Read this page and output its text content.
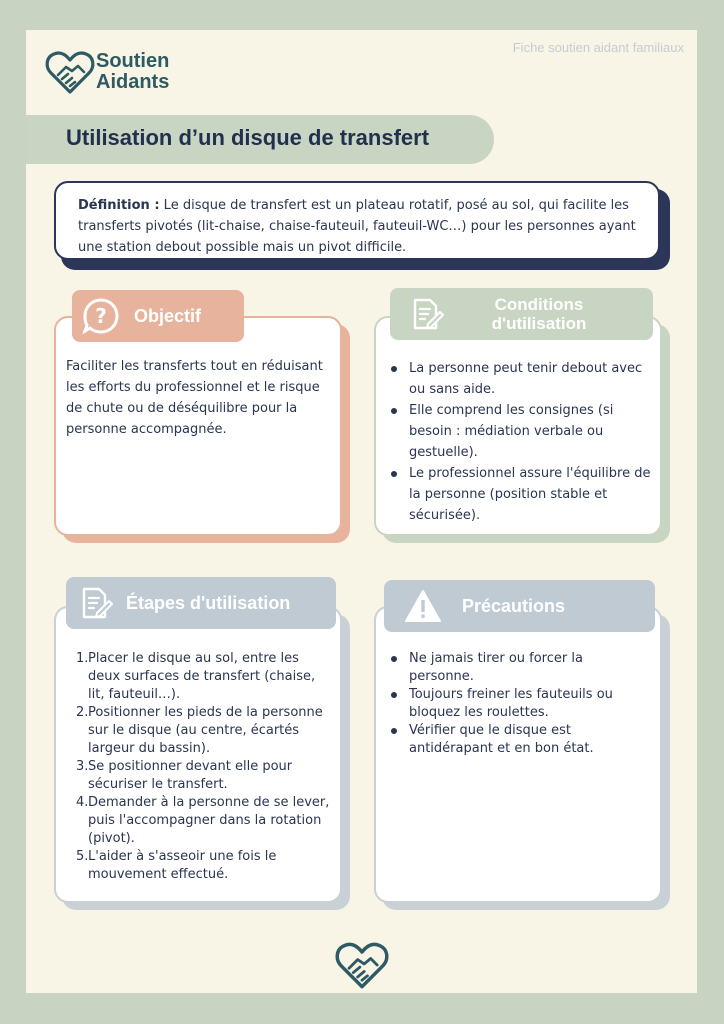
Soutien
Aidants
Fiche soutien aidant familiaux
Utilisation d’un disque de transfert
Définition : Le disque de transfert est un plateau rotatif, posé au sol, qui facilite les transferts pivotés (lit-chaise, chaise-fauteuil, fauteuil-WC…) pour les personnes ayant une station debout possible mais un pivot difficile.
Faciliter les transferts tout en réduisant les efforts du professionnel et le risque de chute ou de déséquilibre pour la personne accompagnée.
? Objectif
La personne peut tenir debout avec ou sans aide.
Elle comprend les consignes (si besoin : médiation verbale ou gestuelle).
Le professionnel assure l'équilibre de la personne (position stable et sécurisée).
Conditions
d'utilisation
1. Placer le disque au sol, entre les deux surfaces de transfert (chaise, lit, fauteuil…).
2. Positionner les pieds de la personne sur le disque (au centre, écartés largeur du bassin).
3. Se positionner devant elle pour sécuriser le transfert.
4. Demander à la personne de se lever, puis l'accompagner dans la rotation (pivot).
5. L'aider à s'asseoir une fois le mouvement effectué.
Étapes d'utilisation
Ne jamais tirer ou forcer la personne.
Toujours freiner les fauteuils ou bloquez les roulettes.
Vérifier que le disque est antidérapant et en bon état.
Précautions
